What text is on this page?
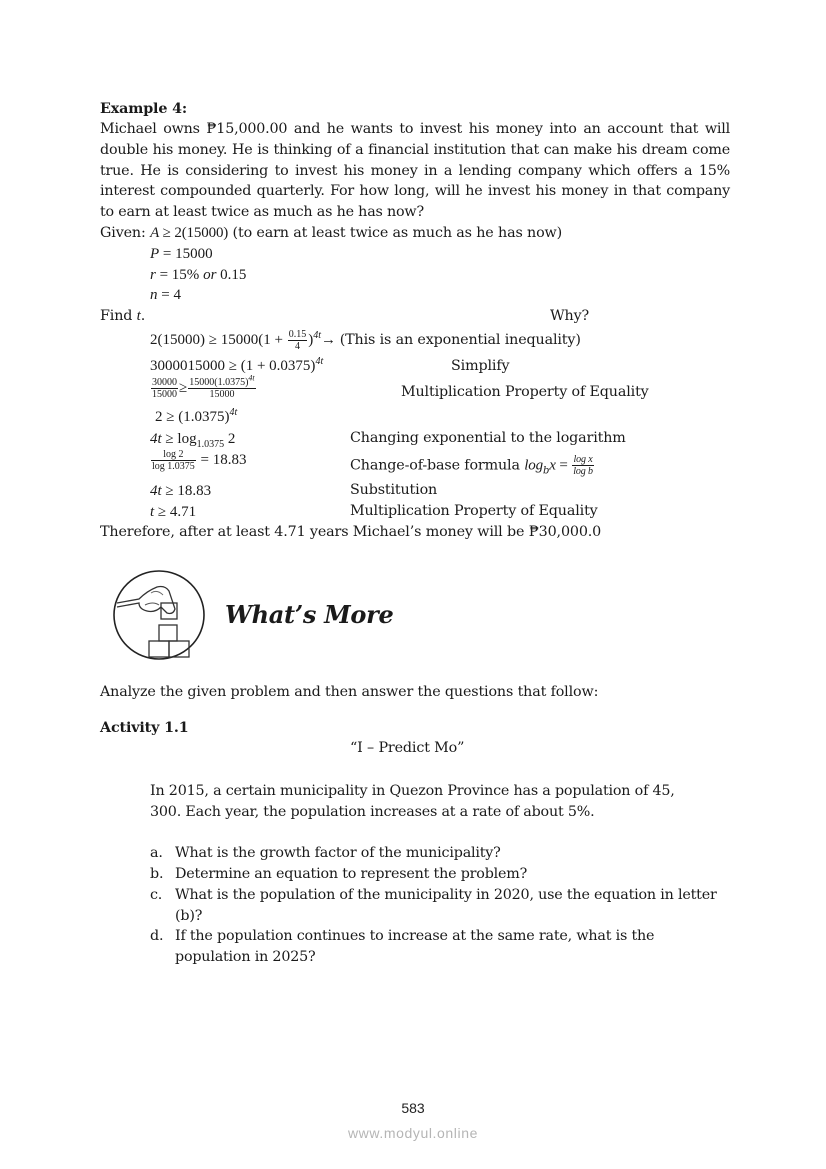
Example 4:
Michael owns ₱15,000.00 and he wants to invest his money into an account that will double his money. He is thinking of a financial institution that can make his dream come true. He is considering to invest his money in a lending company which offers a 15% interest compounded quarterly. For how long, will he invest his money in that company to earn at least twice as much as he has now?
Given: A ≥ 2(15000) (to earn at least twice as much as he has now)
P = 15000
r = 15% or 0.15
n = 4
Find t.	Why?
$2(15000) \ge 15000(1 + \frac{0.15}{4} )^{4t}\to$ (This is an exponential inequality)
$3000015000 \ge (1 + 0.0375)^{4t}$	Simplify
$\frac{30000}{15000} \ge \frac{15000(1.0375)^{4t}}{15000}$	Multiplication Property of Equality
$2 \ge (1.0375)^{4t}$
$4t \ge \log_{1.0375} 2$	Changing exponential to the logarithm
$\frac{\log 2}{\log 1.0375} = 18.83$	Change-of-base formula $\log_bx = \frac{\text{log x}}{\text{log b}}$
4t ≥ 18.83	Substitution
t ≥ 4.71	Multiplication Property of Equality
Therefore, after at least 4.71 years Michael’s money will be ₱30,000.0
What’s More
Analyze the given problem and then answer the questions that follow:
Activity 1.1
“I – Predict Mo”
In 2015, a certain municipality in Quezon Province has a population of 45, 300. Each year, the population increases at a rate of about 5%.
a. What is the growth factor of the municipality?
b. Determine an equation to represent the problem?
c. What is the population of the municipality in 2020, use the equation in letter (b)?
d. If the population continues to increase at the same rate, what is the population in 2025?
583
www.modyul.online
